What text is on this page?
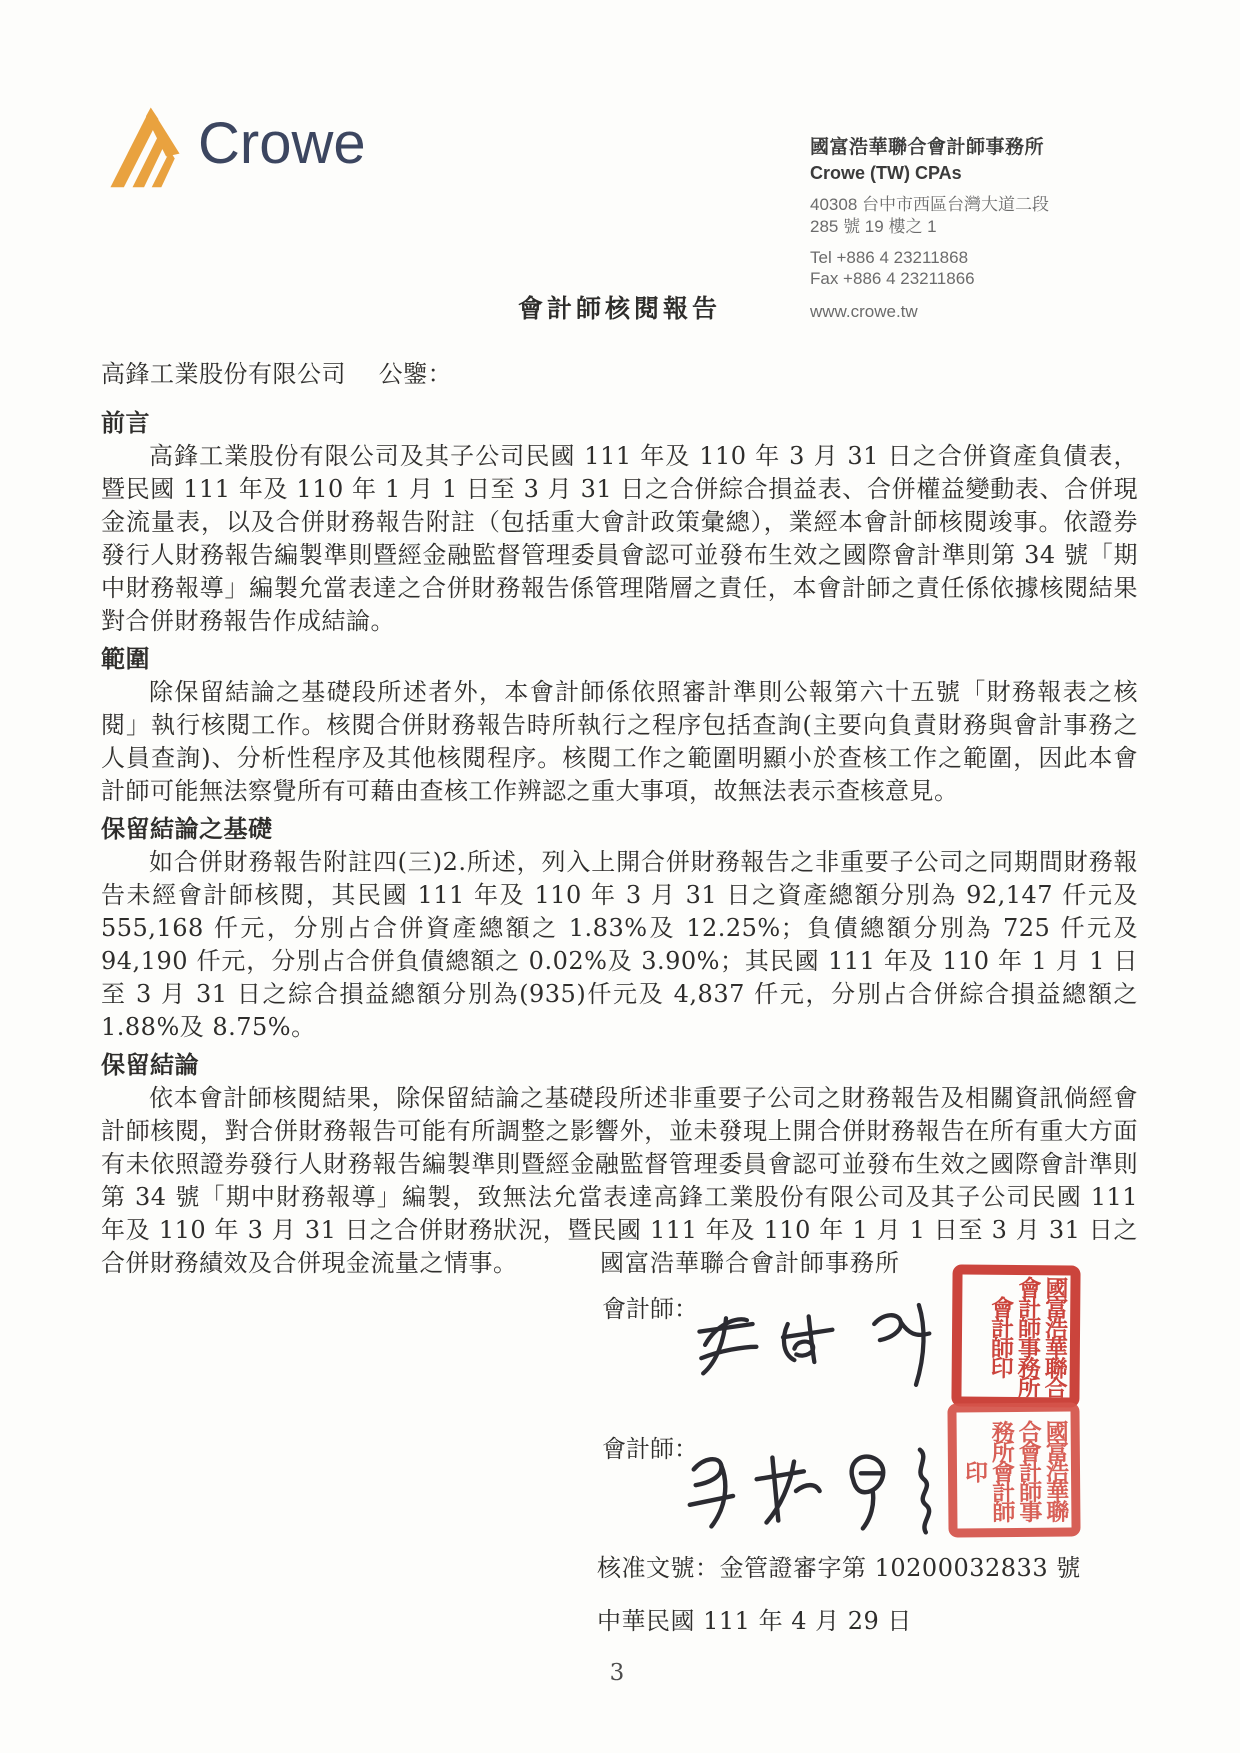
Crowe	國富浩華聯合會計師事務所
Crowe (TW) CPAs
40308 台中市西區台灣大道二段
285 號 19 樓之 1
Tel +886 4 23211868
Fax +886 4 23211866
www.crowe.tw
會計師核閱報告
高鋒工業股份有限公司　 公鑒：
前言
高鋒工業股份有限公司及其子公司民國 111 年及 110 年 3 月 31 日之合併資產負債表，暨民國 111 年及 110 年 1 月 1 日至 3 月 31 日之合併綜合損益表、合併權益變動表、合併現金流量表，以及合併財務報告附註（包括重大會計政策彙總），業經本會計師核閱竣事。依證券發行人財務報告編製準則暨經金融監督管理委員會認可並發布生效之國際會計準則第 34 號「期中財務報導」編製允當表達之合併財務報告係管理階層之責任，本會計師之責任係依據核閱結果對合併財務報告作成結論。
範圍
除保留結論之基礎段所述者外，本會計師係依照審計準則公報第六十五號「財務報表之核閱」執行核閱工作。核閱合併財務報告時所執行之程序包括查詢(主要向負責財務與會計事務之人員查詢)、分析性程序及其他核閱程序。核閱工作之範圍明顯小於查核工作之範圍，因此本會計師可能無法察覺所有可藉由查核工作辨認之重大事項，故無法表示查核意見。
保留結論之基礎
如合併財務報告附註四(三)2.所述，列入上開合併財務報告之非重要子公司之同期間財務報告未經會計師核閱，其民國 111 年及 110 年 3 月 31 日之資產總額分別為 92,147 仟元及 555,168 仟元，分別占合併資產總額之 1.83%及 12.25%；負債總額分別為 725 仟元及 94,190 仟元，分別占合併負債總額之 0.02%及 3.90%；其民國 111 年及 110 年 1 月 1 日至 3 月 31 日之綜合損益總額分別為(935)仟元及 4,837 仟元，分別占合併綜合損益總額之 1.88%及 8.75%。
保留結論
依本會計師核閱結果，除保留結論之基礎段所述非重要子公司之財務報告及相關資訊倘經會計師核閱，對合併財務報告可能有所調整之影響外，並未發現上開合併財務報告在所有重大方面有未依照證券發行人財務報告編製準則暨經金融監督管理委員會認可並發布生效之國際會計準則第 34 號「期中財務報導」編製，致無法允當表達高鋒工業股份有限公司及其子公司民國 111 年及 110 年 3 月 31 日之合併財務狀況，暨民國 111 年及 110 年 1 月 1 日至 3 月 31 日之合併財務績效及合併現金流量之情事。	國富浩華聯合會計師事務所
會計師：	國富浩華聯合會計師事務所會計師印
會計師：	國富浩華聯合會計師事務所會計師印
核准文號：金管證審字第 10200032833 號
中華民國 111 年 4 月 29 日
3
